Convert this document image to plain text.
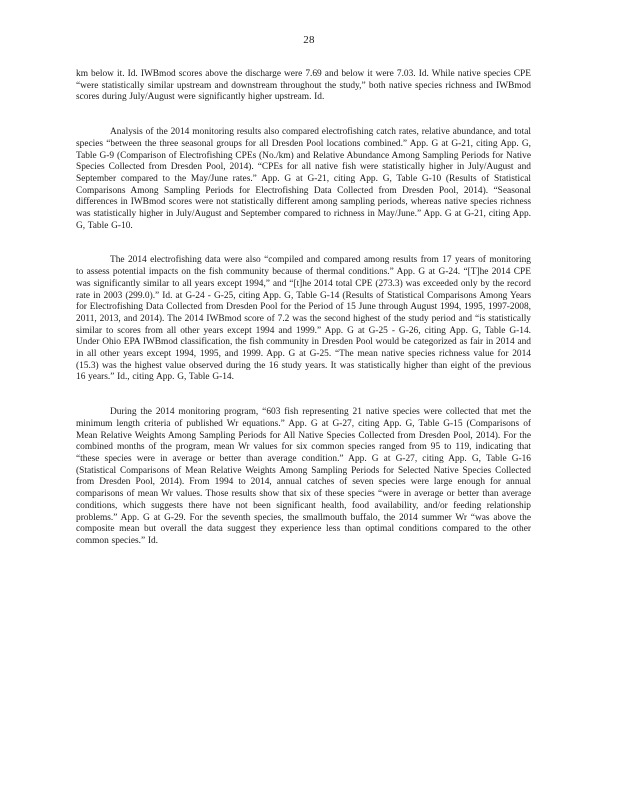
28

km below it. Id. IWBmod scores above the discharge were 7.69 and below it were 7.03. Id. While native species CPE “were statistically similar upstream and downstream throughout the study,” both native species richness and IWBmod scores during July/August were significantly higher upstream. Id.

Analysis of the 2014 monitoring results also compared electrofishing catch rates, relative abundance, and total species “between the three seasonal groups for all Dresden Pool locations combined.” App. G at G-21, citing App. G, Table G-9 (Comparison of Electrofishing CPEs (No./km) and Relative Abundance Among Sampling Periods for Native Species Collected from Dresden Pool, 2014). “CPEs for all native fish were statistically higher in July/August and September compared to the May/June rates.” App. G at G-21, citing App. G, Table G-10 (Results of Statistical Comparisons Among Sampling Periods for Electrofishing Data Collected from Dresden Pool, 2014). “Seasonal differences in IWBmod scores were not statistically different among sampling periods, whereas native species richness was statistically higher in July/August and September compared to richness in May/June.” App. G at G-21, citing App. G, Table G-10.

The 2014 electrofishing data were also “compiled and compared among results from 17 years of monitoring to assess potential impacts on the fish community because of thermal conditions.” App. G at G-24. “[T]he 2014 CPE was significantly similar to all years except 1994,” and “[t]he 2014 total CPE (273.3) was exceeded only by the record rate in 2003 (299.0).” Id. at G-24 - G-25, citing App. G, Table G-14 (Results of Statistical Comparisons Among Years for Electrofishing Data Collected from Dresden Pool for the Period of 15 June through August 1994, 1995, 1997-2008, 2011, 2013, and 2014). The 2014 IWBmod score of 7.2 was the second highest of the study period and “is statistically similar to scores from all other years except 1994 and 1999.” App. G at G-25 - G-26, citing App. G, Table G-14. Under Ohio EPA IWBmod classification, the fish community in Dresden Pool would be categorized as fair in 2014 and in all other years except 1994, 1995, and 1999. App. G at G-25. “The mean native species richness value for 2014 (15.3) was the highest value observed during the 16 study years. It was statistically higher than eight of the previous 16 years.” Id., citing App. G, Table G-14.

During the 2014 monitoring program, “603 fish representing 21 native species were collected that met the minimum length criteria of published Wr equations.” App. G at G-27, citing App. G, Table G-15 (Comparisons of Mean Relative Weights Among Sampling Periods for All Native Species Collected from Dresden Pool, 2014). For the combined months of the program, mean Wr values for six common species ranged from 95 to 119, indicating that “these species were in average or better than average condition.” App. G at G-27, citing App. G, Table G-16 (Statistical Comparisons of Mean Relative Weights Among Sampling Periods for Selected Native Species Collected from Dresden Pool, 2014). From 1994 to 2014, annual catches of seven species were large enough for annual comparisons of mean Wr values. Those results show that six of these species “were in average or better than average conditions, which suggests there have not been significant health, food availability, and/or feeding relationship problems.” App. G at G-29. For the seventh species, the smallmouth buffalo, the 2014 summer Wr “was above the composite mean but overall the data suggest they experience less than optimal conditions compared to the other common species.” Id.
